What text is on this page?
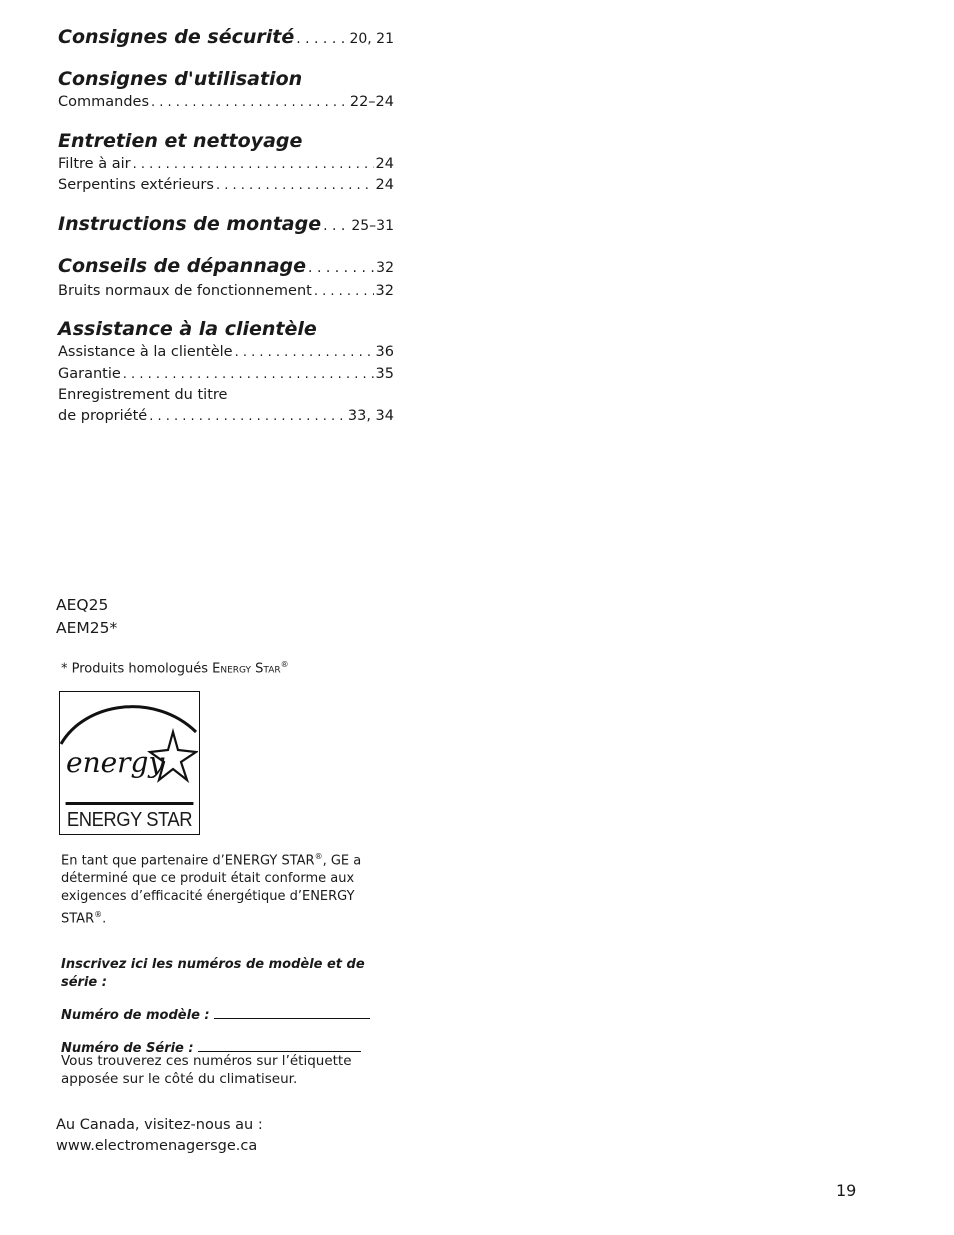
Consignes de sécurité . . .	20, 21
Consignes d'utilisation
Commandes . . .	22–24
Entretien et nettoyage
Filtre à air . . .	24
Serpentins extérieurs . . .	24
Instructions de montage . . . 25–31
Conseils de dépannage . . .	32
Bruits normaux de fonctionnement . . .	32
Assistance à la clientèle
Assistance à la clientèle . . .	36
Garantie . . .	35
Enregistrement du titre
de propriété . . .	33, 34
AEQ25
AEM25*
* Produits homologués Energy Star®
energy
ENERGY STAR
En tant que partenaire d’ENERGY STAR®, GE a déterminé que ce produit était conforme aux exigences d’efficacité énergétique d’ENERGY STAR®.
Inscrivez ici les numéros de modèle et de série :
Numéro de modèle :
Numéro de Série :
Vous trouverez ces numéros sur l’étiquette apposée sur le côté du climatiseur.
Au Canada, visitez-nous au :
www.electromenagersge.ca
19
